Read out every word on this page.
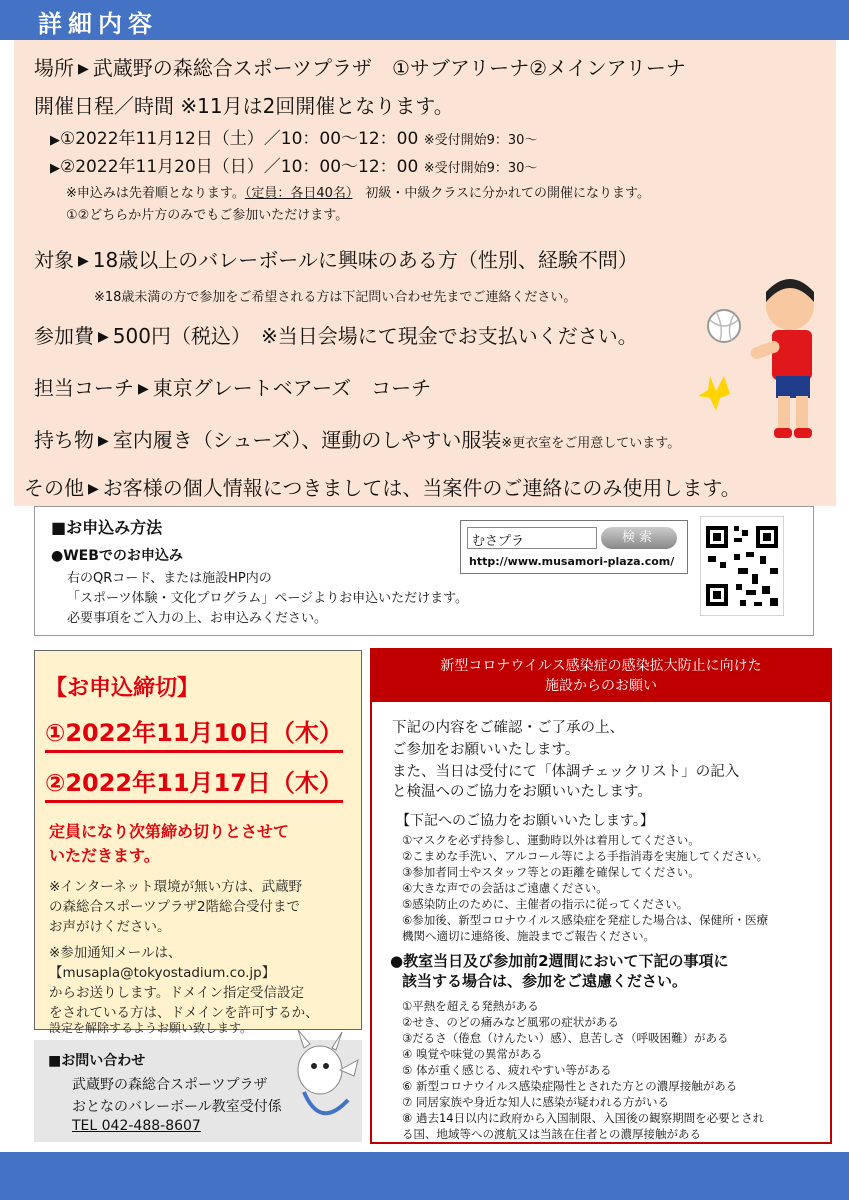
詳細内容
場所 ▶ 武蔵野の森総合スポーツプラザ　①サブアリーナ②メインアリーナ
開催日程／時間 ※11月は2回開催となります。
▶①2022年11月12日（土）／10：00〜12：00 ※受付開始9：30〜
▶②2022年11月20日（日）／10：00〜12：00 ※受付開始9：30〜
※申込みは先着順となります。（定員：各日40名）　 初級・中級クラスに分かれての開催になります。
①②どちらか片方のみでもご参加いただけます。
対象 ▶ 18歳以上のバレーボールに興味のある方（性別、経験不問）
※18歳未満の方で参加をご希望される方は下記問い合わせ先までご連絡ください。
参加費 ▶ 500円（税込）　※当日会場にて現金でお支払いください。
担当コーチ ▶ 東京グレートベアーズ　コーチ
持ち物 ▶ 室内履き（シューズ）、運動のしやすい服装※更衣室をご用意しています。
その他 ▶ お客様の個人情報につきましては、当案件のご連絡にのみ使用します。
■お申込み方法
●WEBでのお申込み
右のQRコード、または施設HP内の
「スポーツ体験・文化プログラム」ページよりお申込いただけます。
必要事項をご入力の上、お申込みください。
むさプラ	検索
http://www.musamori-plaza.com/
【お申込締切】
①2022年11月10日（木）
②2022年11月17日（木）
定員になり次第締め切りとさせて
いただきます。
※インターネット環境が無い方は、武蔵野
の森総合スポーツプラザ2階総合受付まで
お声がけください。
※参加通知メールは、
【musapla@tokyostadium.co.jp】
からお送りします。ドメイン指定受信設定
をされている方は、ドメインを許可するか、
設定を解除するようお願い致します。
■お問い合わせ
武蔵野の森総合スポーツプラザ
おとなのバレーボール教室受付係
TEL 042-488-8607
新型コロナウイルス感染症の感染拡大防止に向けた
施設からのお願い
下記の内容をご確認・ご了承の上、
ご参加をお願いいたします。
また、当日は受付にて「体調チェックリスト」の記入
と検温へのご協力をお願いいたします。
【下記へのご協力をお願いいたします。】
①マスクを必ず持参し、運動時以外は着用してください。
②こまめな手洗い、アルコール等による手指消毒を実施してください。
③参加者同士やスタッフ等との距離を確保してください。
④大きな声での会話はご遠慮ください。
⑤感染防止のために、主催者の指示に従ってください。
⑥参加後、新型コロナウイルス感染症を発症した場合は、保健所・医療
機関へ適切に連絡後、施設までご報告ください。
●教室当日及び参加前2週間において下記の事項に
該当する場合は、参加をご遠慮ください。
①平熱を超える発熱がある
②せき、のどの痛みなど風邪の症状がある
③だるさ（倦怠（けんたい）感）、息苦しさ（呼吸困難）がある
④ 嗅覚や味覚の異常がある
⑤ 体が重く感じる、疲れやすい等がある
⑥ 新型コロナウイルス感染症陽性とされた方との濃厚接触がある
⑦ 同居家族や身近な知人に感染が疑われる方がいる
⑧ 過去14日以内に政府から入国制限、入国後の観察期間を必要とされ
る国、地域等への渡航又は当該在住者との濃厚接触がある
